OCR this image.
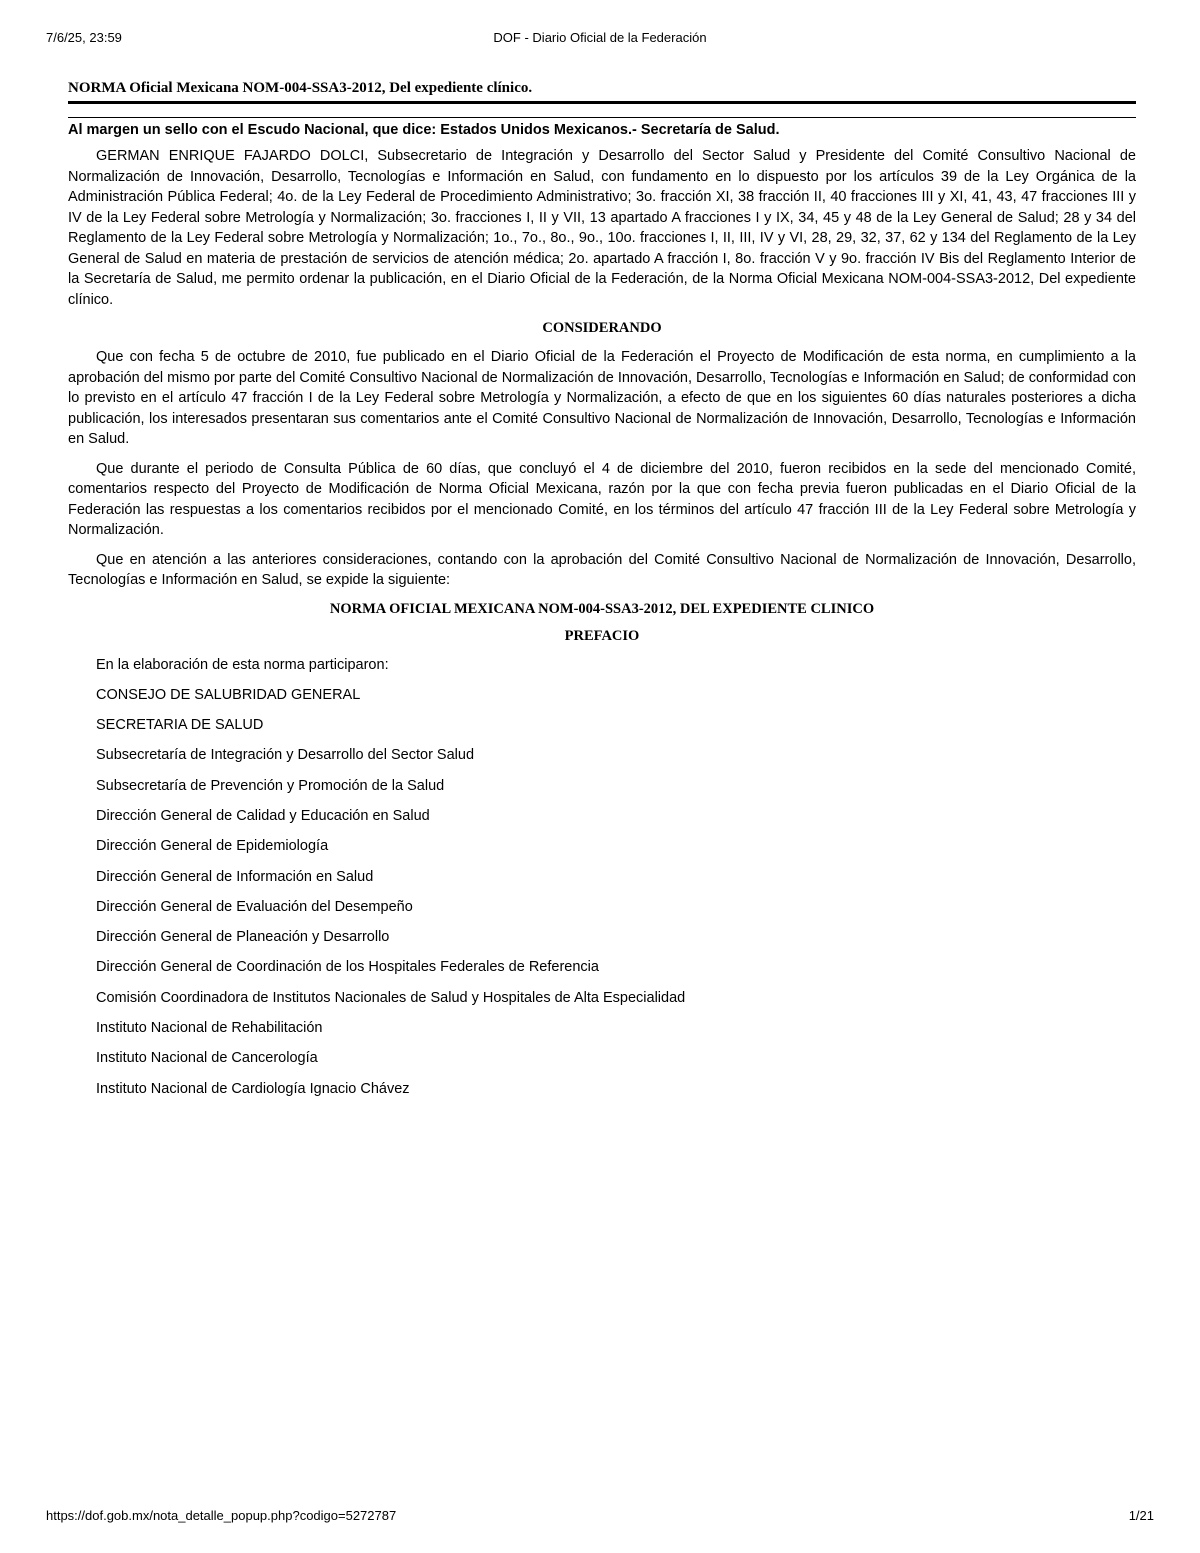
7/6/25, 23:59	DOF - Diario Oficial de la Federación
NORMA Oficial Mexicana NOM-004-SSA3-2012, Del expediente clínico.
Al margen un sello con el Escudo Nacional, que dice: Estados Unidos Mexicanos.- Secretaría de Salud.

GERMAN ENRIQUE FAJARDO DOLCI, Subsecretario de Integración y Desarrollo del Sector Salud y Presidente del Comité Consultivo Nacional de Normalización de Innovación, Desarrollo, Tecnologías e Información en Salud, con fundamento en lo dispuesto por los artículos 39 de la Ley Orgánica de la Administración Pública Federal; 4o. de la Ley Federal de Procedimiento Administrativo; 3o. fracción XI, 38 fracción II, 40 fracciones III y XI, 41, 43, 47 fracciones III y IV de la Ley Federal sobre Metrología y Normalización; 3o. fracciones I, II y VII, 13 apartado A fracciones I y IX, 34, 45 y 48 de la Ley General de Salud; 28 y 34 del Reglamento de la Ley Federal sobre Metrología y Normalización; 1o., 7o., 8o., 9o., 10o. fracciones I, II, III, IV y VI, 28, 29, 32, 37, 62 y 134 del Reglamento de la Ley General de Salud en materia de prestación de servicios de atención médica; 2o. apartado A fracción I, 8o. fracción V y 9o. fracción IV Bis del Reglamento Interior de la Secretaría de Salud, me permito ordenar la publicación, en el Diario Oficial de la Federación, de la Norma Oficial Mexicana NOM-004-SSA3-2012, Del expediente clínico.

CONSIDERANDO

Que con fecha 5 de octubre de 2010, fue publicado en el Diario Oficial de la Federación el Proyecto de Modificación de esta norma, en cumplimiento a la aprobación del mismo por parte del Comité Consultivo Nacional de Normalización de Innovación, Desarrollo, Tecnologías e Información en Salud; de conformidad con lo previsto en el artículo 47 fracción I de la Ley Federal sobre Metrología y Normalización, a efecto de que en los siguientes 60 días naturales posteriores a dicha publicación, los interesados presentaran sus comentarios ante el Comité Consultivo Nacional de Normalización de Innovación, Desarrollo, Tecnologías e Información en Salud.

Que durante el periodo de Consulta Pública de 60 días, que concluyó el 4 de diciembre del 2010, fueron recibidos en la sede del mencionado Comité, comentarios respecto del Proyecto de Modificación de Norma Oficial Mexicana, razón por la que con fecha previa fueron publicadas en el Diario Oficial de la Federación las respuestas a los comentarios recibidos por el mencionado Comité, en los términos del artículo 47 fracción III de la Ley Federal sobre Metrología y Normalización.

Que en atención a las anteriores consideraciones, contando con la aprobación del Comité Consultivo Nacional de Normalización de Innovación, Desarrollo, Tecnologías e Información en Salud, se expide la siguiente:

NORMA OFICIAL MEXICANA NOM-004-SSA3-2012, DEL EXPEDIENTE CLINICO
PREFACIO
En la elaboración de esta norma participaron:
CONSEJO DE SALUBRIDAD GENERAL
SECRETARIA DE SALUD
Subsecretaría de Integración y Desarrollo del Sector Salud
Subsecretaría de Prevención y Promoción de la Salud
Dirección General de Calidad y Educación en Salud
Dirección General de Epidemiología
Dirección General de Información en Salud
Dirección General de Evaluación del Desempeño
Dirección General de Planeación y Desarrollo
Dirección General de Coordinación de los Hospitales Federales de Referencia
Comisión Coordinadora de Institutos Nacionales de Salud y Hospitales de Alta Especialidad
Instituto Nacional de Rehabilitación
Instituto Nacional de Cancerología
Instituto Nacional de Cardiología Ignacio Chávez
https://dof.gob.mx/nota_detalle_popup.php?codigo=5272787	1/21
